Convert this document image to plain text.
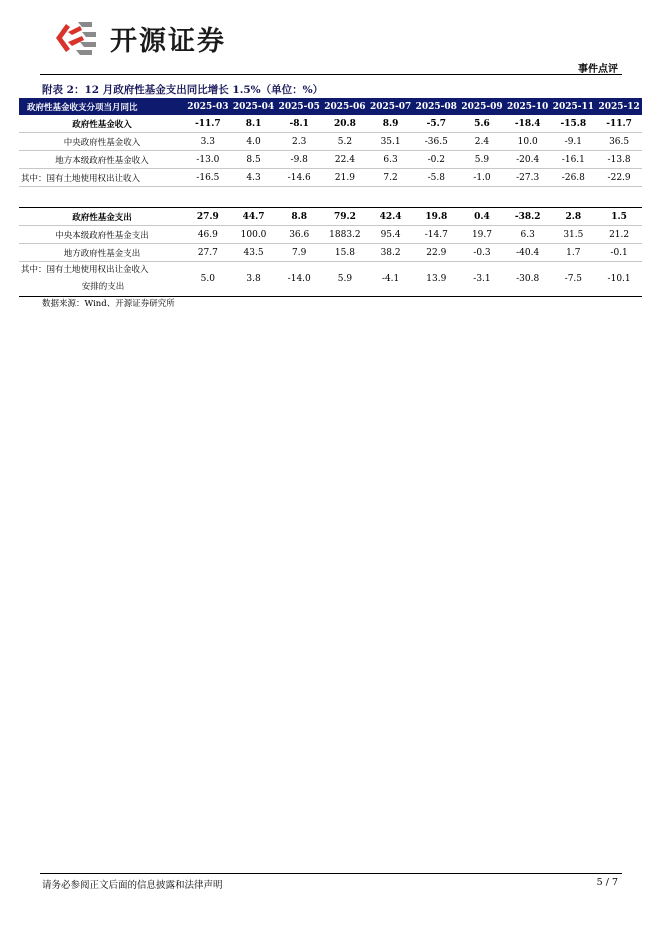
开源证券
事件点评
附表 2：12 月政府性基金支出同比增长 1.5%（单位：%）
政府性基金收支分项当月同比	2025-03	2025-04	2025-05	2025-06	2025-07	2025-08	2025-09	2025-10	2025-11	2025-12
政府性基金收入	-11.7	8.1	-8.1	20.8	8.9	-5.7	5.6	-18.4	-15.8	-11.7
中央政府性基金收入	3.3	4.0	2.3	5.2	35.1	-36.5	2.4	10.0	-9.1	36.5
地方本级政府性基金收入	-13.0	8.5	-9.8	22.4	6.3	-0.2	5.9	-20.4	-16.1	-13.8
其中：国有土地使用权出让收入	-16.5	4.3	-14.6	21.9	7.2	-5.8	-1.0	-27.3	-26.8	-22.9

政府性基金支出	27.9	44.7	8.8	79.2	42.4	19.8	0.4	-38.2	2.8	1.5
中央本级政府性基金支出	46.9	100.0	36.6	1883.2	95.4	-14.7	19.7	6.3	31.5	21.2
地方政府性基金支出	27.7	43.5	7.9	15.8	38.2	22.9	-0.3	-40.4	1.7	-0.1

其中：国有土地使用权出让金收入
安排的支出	5.0	3.8	-14.0	5.9	-4.1	13.9	-3.1	-30.8	-7.5	-10.1
数据来源：Wind、开源证券研究所
请务必参阅正文后面的信息披露和法律声明	5 / 7
